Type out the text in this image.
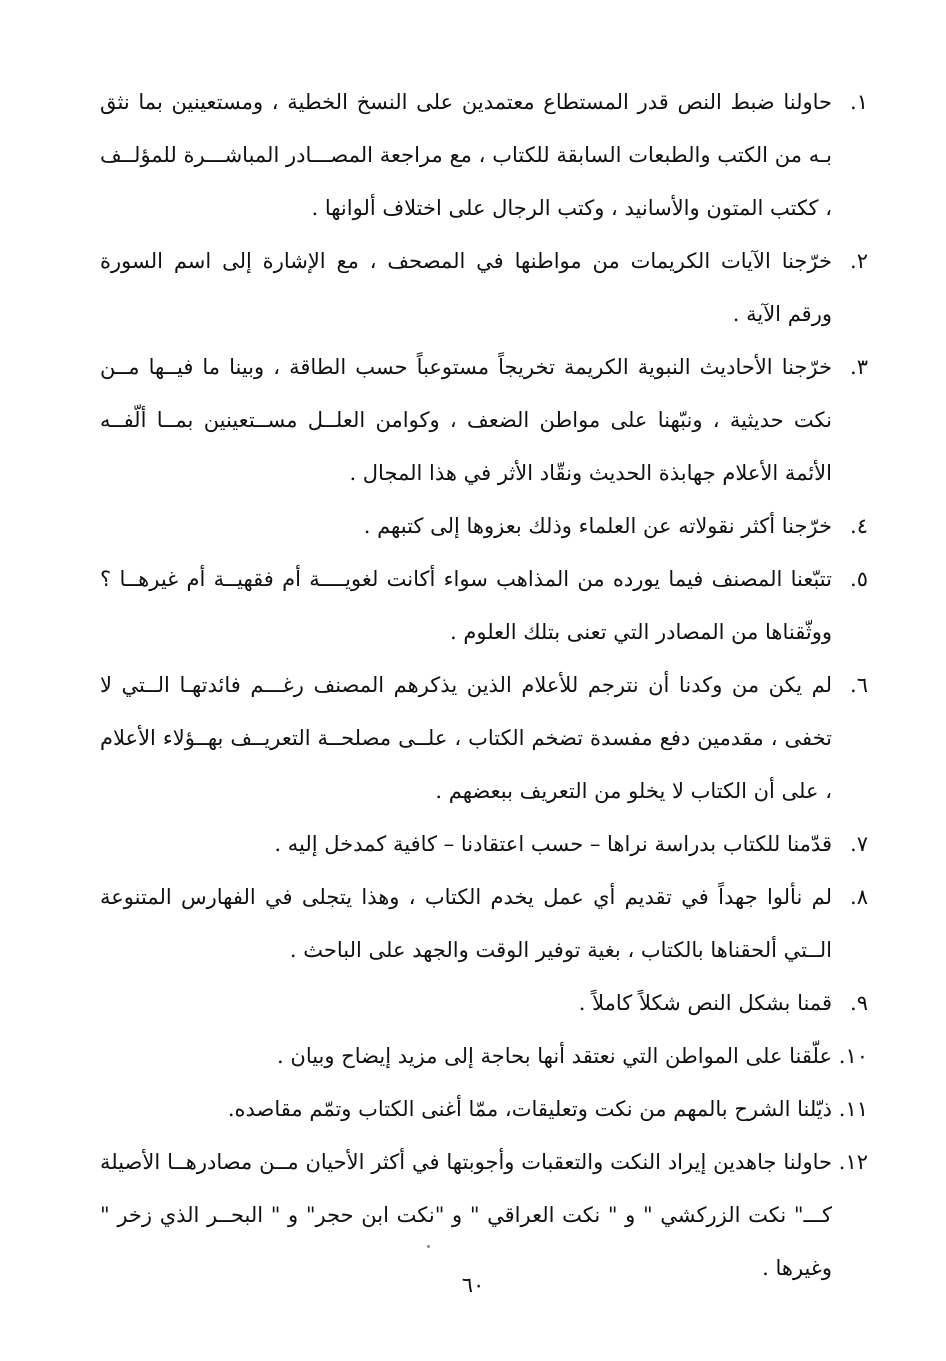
١.
حاولنا ضبط النص قدر المستطاع معتمدين على النسخ الخطية ، ومستعينين بما نثق بـه من الكتب والطبعات السابقة للكتاب ، مع مراجعة المصـــادر المباشـــرة للمؤلــف ، ككتب المتون والأسانيد ، وكتب الرجال على اختلاف ألوانها .
٢.
خرّجنا الآيات الكريمات من مواطنها في المصحف ، مع الإشارة إلى اسم السورة ورقم الآية .
٣.
خرّجنا الأحاديث النبوية الكريمة تخريجاً مستوعباً حسب الطاقة ، وبينا ما فيــها مــن نكت حديثية ، ونبّهنا على مواطن الضعف ، وكوامن العلــل مســتعينين بمــا ألّفــه الأئمة الأعلام جهابذة الحديث ونقّاد الأثر في هذا المجال .
٤.
خرّجنا أكثر نقولاته عن العلماء وذلك بعزوها إلى كتبهم .
٥.
تتبّعنا المصنف فيما يورده من المذاهب سواء أكانت لغويــــة أم فقهيــة أم غيرهــا ؟ ووثّقناها من المصادر التي تعنى بتلك العلوم .
٦.
لم يكن من وكدنا أن نترجم للأعلام الذين يذكرهم المصنف رغـــم فائدتهـا الــتي لا تخفى ، مقدمين دفع مفسدة تضخم الكتاب ، علــى مصلحــة التعريــف بهــؤلاء الأعلام ، على أن الكتاب لا يخلو من التعريف ببعضهم .
٧.
قدّمنا للكتاب بدراسة نراها – حسب اعتقادنا – كافية كمدخل إليه .
٨.
لم نألوا جهداً في تقديم أي عمل يخدم الكتاب ، وهذا يتجلى في الفهارس المتنوعة الــتي ألحقناها بالكتاب ، بغية توفير الوقت والجهد على الباحث .
٩.
قمنا بشكل النص شكلاً كاملاً .
١٠.
علّقنا على المواطن التي نعتقد أنها بحاجة إلى مزيد إيضاح وبيان .
١١.
ذيّلنا الشرح بالمهم من نكت وتعليقات، ممّا أغنى الكتاب وتمّم مقاصده.
١٢.
حاولنا جاهدين إيراد النكت والتعقبات وأجوبتها في أكثر الأحيان مــن مصادرهــا الأصيلة كـــ" نكت الزركشي " و " نكت العراقي " و "نكت ابن حجر" و " البحــر الذي زخر " وغيرها .
٦٠
